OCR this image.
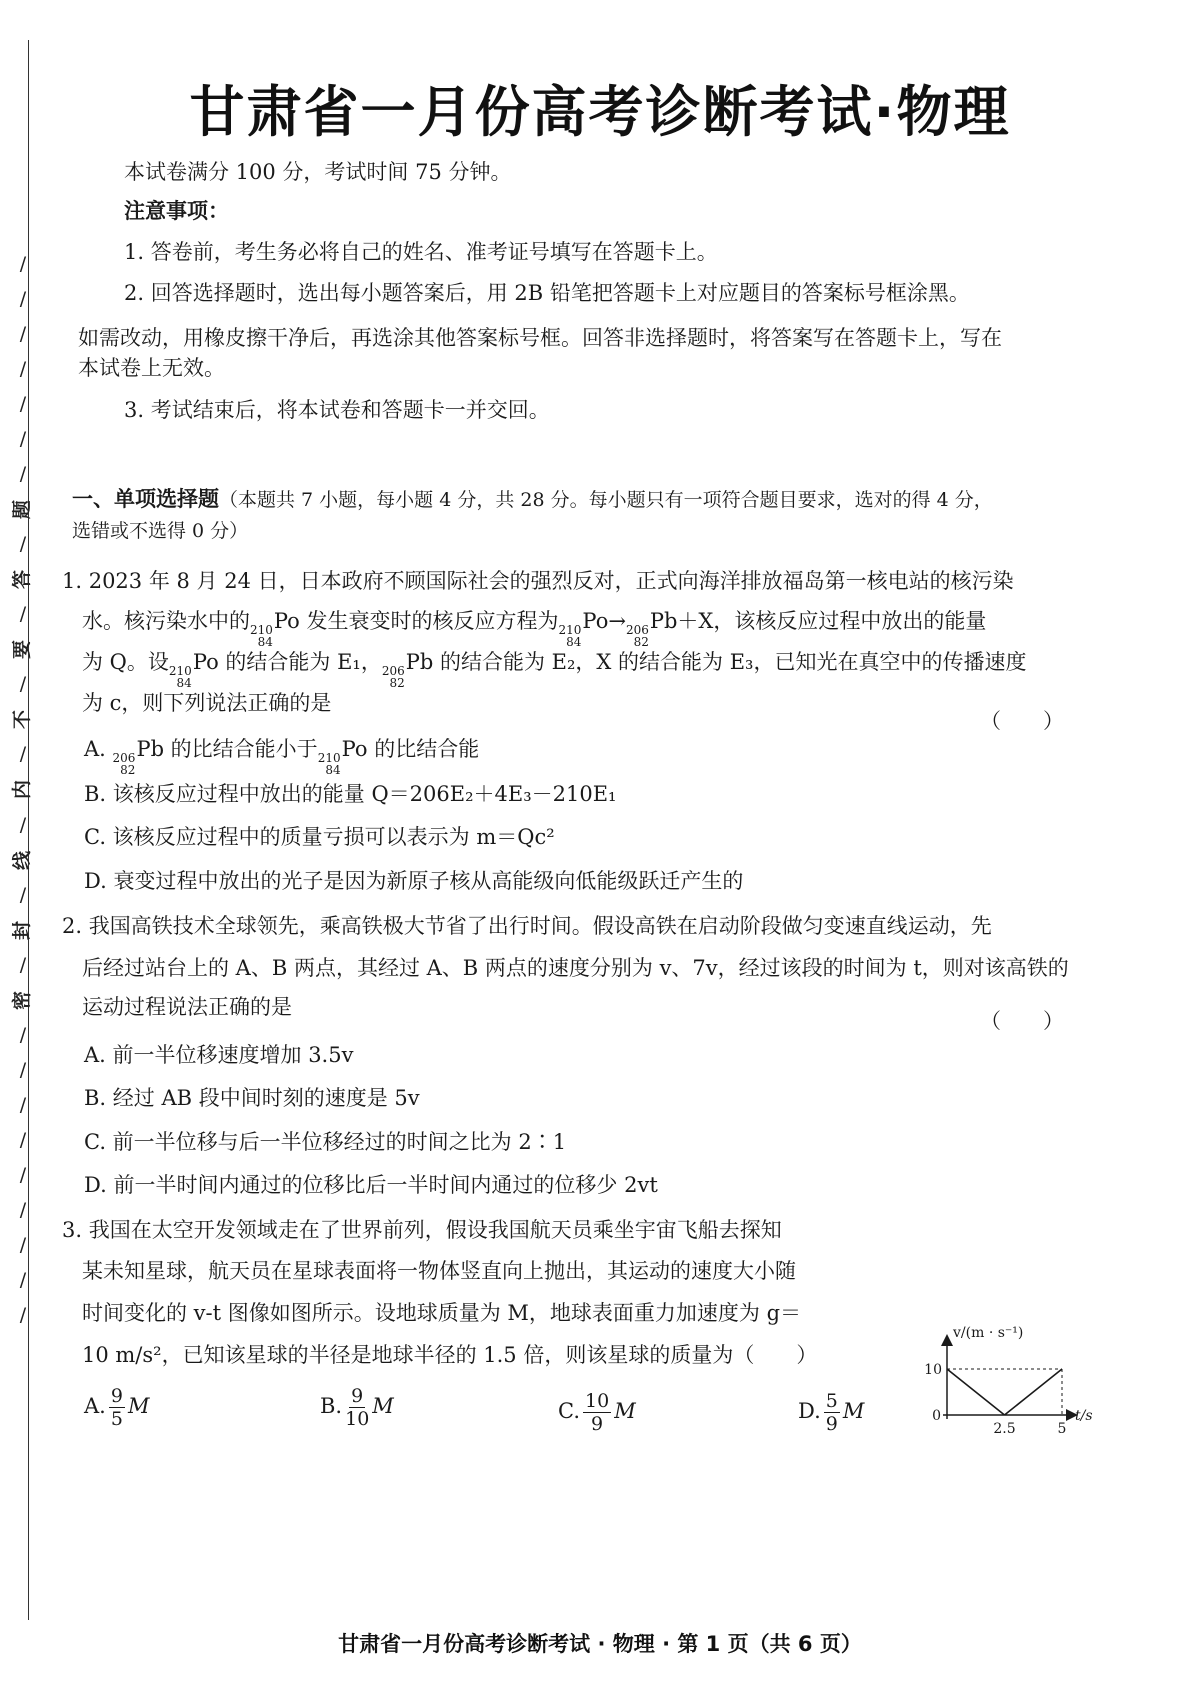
/
/
/
/
/
/
/
题
/
答
/
要
/
不
/
内
/
线
/
封
/
密
/
/
/
/
/
/
/
/
/
甘肃省一月份高考诊断考试·物理
本试卷满分 100 分，考试时间 75 分钟。
注意事项：
1. 答卷前，考生务必将自己的姓名、准考证号填写在答题卡上。
2. 回答选择题时，选出每小题答案后，用 2B 铅笔把答题卡上对应题目的答案标号框涂黑。
如需改动，用橡皮擦干净后，再选涂其他答案标号框。回答非选择题时，将答案写在答题卡上，写在
本试卷上无效。
3. 考试结束后，将本试卷和答题卡一并交回。
一、单项选择题（本题共 7 小题，每小题 4 分，共 28 分。每小题只有一项符合题目要求，选对的得 4 分，
选错或不选得 0 分）
1. 2023 年 8 月 24 日，日本政府不顾国际社会的强烈反对，正式向海洋排放福岛第一核电站的核污染
水。核污染水中的 210
84
Po 发生衰变时的核反应方程为 210
84
Po→ 206
82
Pb＋X，该核反应过程中放出的能量
为 Q。设 210
84
Po 的结合能为 E₁， 206
82
Pb 的结合能为 E₂，X 的结合能为 E₃，已知光在真空中的传播速度
为 c，则下列说法正确的是
（　　）
A. 206
82
Pb 的比结合能小于 210
84
Po 的比结合能
B. 该核反应过程中放出的能量 Q＝206E₂＋4E₃－210E₁
C. 该核反应过程中的质量亏损可以表示为 m＝Qc²
D. 衰变过程中放出的光子是因为新原子核从高能级向低能级跃迁产生的
2. 我国高铁技术全球领先，乘高铁极大节省了出行时间。假设高铁在启动阶段做匀变速直线运动，先
后经过站台上的 A、B 两点，其经过 A、B 两点的速度分别为 v、7v，经过该段的时间为 t，则对该高铁的
运动过程说法正确的是
（　　）
A. 前一半位移速度增加 3.5v
B. 经过 AB 段中间时刻的速度是 5v
C. 前一半位移与后一半位移经过的时间之比为 2∶1
D. 前一半时间内通过的位移比后一半时间内通过的位移少 2vt
3. 我国在太空开发领域走在了世界前列，假设我国航天员乘坐宇宙飞船去探知
某未知星球，航天员在星球表面将一物体竖直向上抛出，其运动的速度大小随
时间变化的 v-t 图像如图所示。设地球质量为 M，地球表面重力加速度为 g＝
10 m/s²，已知该星球的半径是地球半径的 1.5 倍，则该星球的质量为（　　）
A. $\frac{9}{5}$ M	B. $\frac{9}{10}$ M	C. $\frac{10}{9}$ M	D. $\frac{5}{9}$ M
v/(m · s⁻¹)
t/s
0
10
2.5	5
甘肃省一月份高考诊断考试 · 物理 · 第 1 页（共 6 页）
